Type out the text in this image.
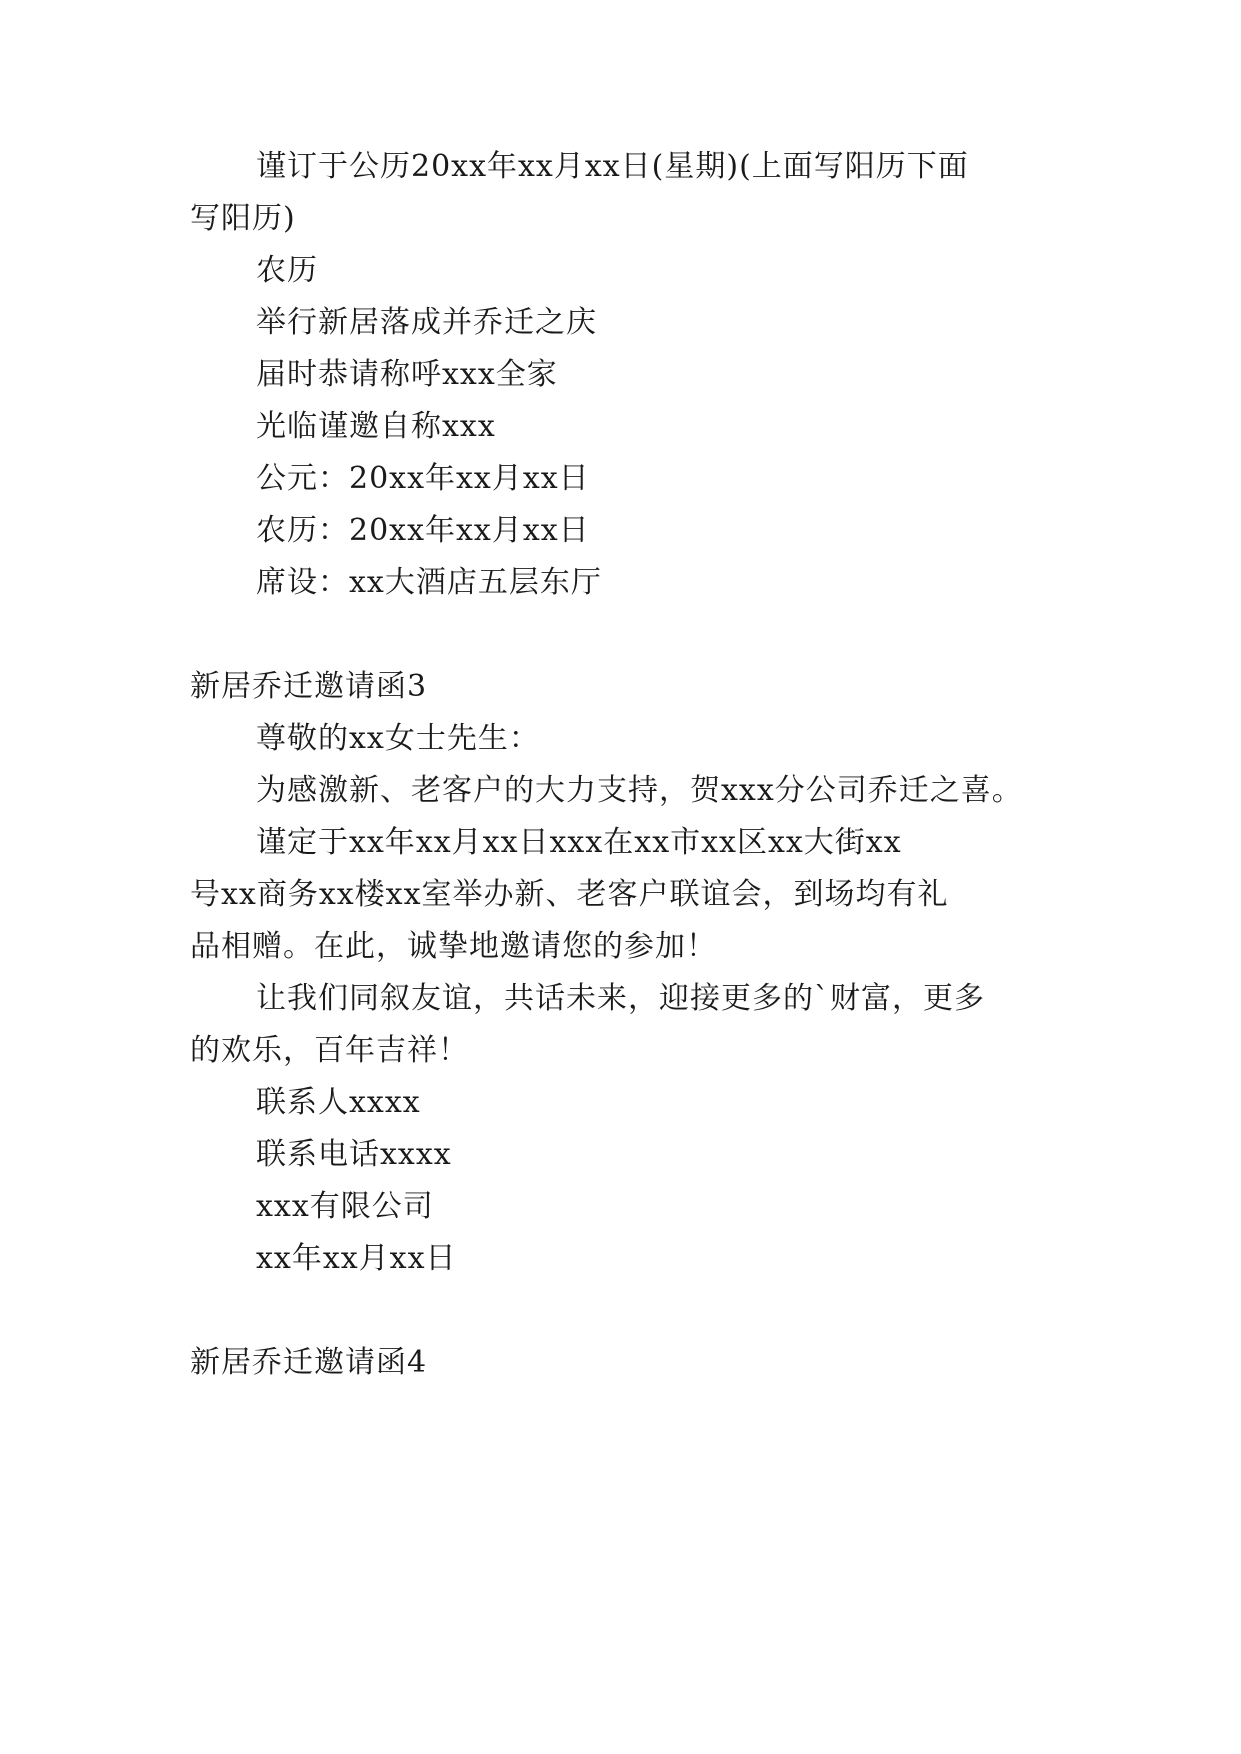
谨订于公历20xx年xx月xx日(星期)(上面写阳历下面
写阳历)
农历
举行新居落成并乔迁之庆
届时恭请称呼xxx全家
光临谨邀自称xxx
公元：20xx年xx月xx日
农历：20xx年xx月xx日
席设：xx大酒店五层东厅
新居乔迁邀请函3
尊敬的xx女士先生：
为感激新、老客户的大力支持，贺xxx分公司乔迁之喜。
谨定于xx年xx月xx日xxx在xx市xx区xx大街xx
号xx商务xx楼xx室举办新、老客户联谊会，到场均有礼
品相赠。在此，诚挚地邀请您的参加！
让我们同叙友谊，共话未来，迎接更多的`财富，更多
的欢乐，百年吉祥！
联系人xxxx
联系电话xxxx
xxx有限公司
xx年xx月xx日
新居乔迁邀请函4
